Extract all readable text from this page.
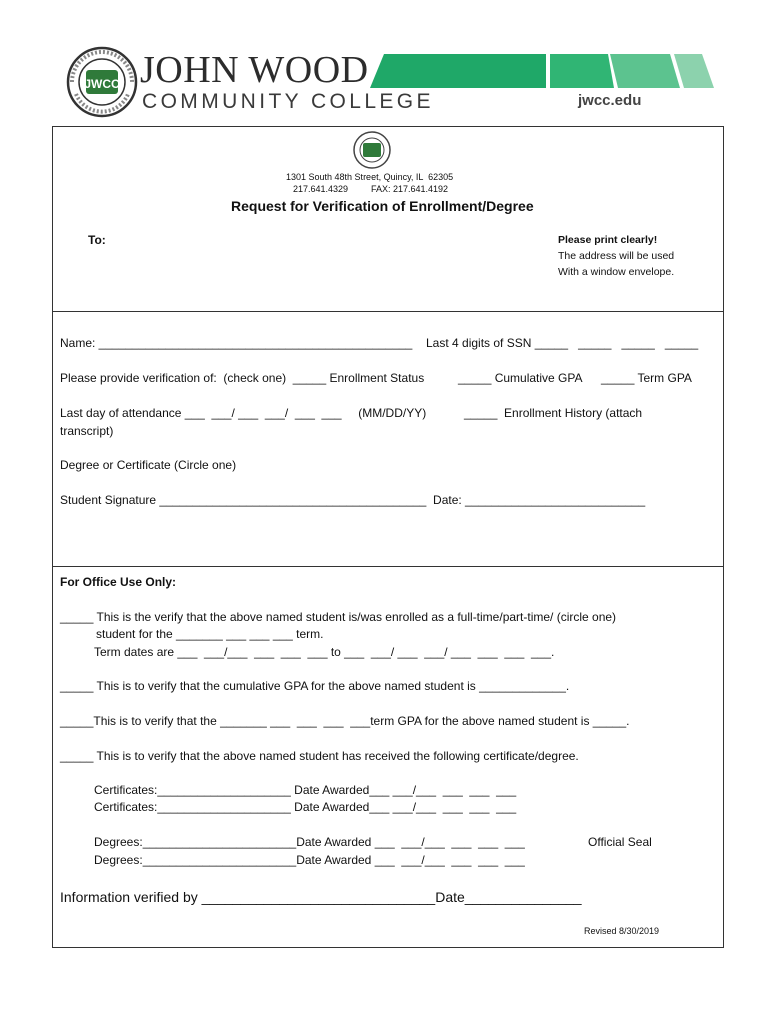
JWCC JOHN WOOD
COMMUNITY COLLEGE	jwcc.edu
1301 South 48th Street, Quincy, IL  62305
217.641.4329	FAX: 217.641.4192
Request for Verification of Enrollment/Degree
To:	Please print clearly!
The address will be used
With a window envelope.
Name: _______________________________________________ Last 4 digits of SSN _____   _____   _____   _____
Please provide verification of:  (check one)  _____ Enrollment Status	_____ Cumulative GPA _____ Term GPA
Last day of attendance ___  ___/ ___  ___/  ___  ___     (MM/DD/YY)	_____  Enrollment History (attach
transcript)
Degree or Certificate (Circle one)
Student Signature ________________________________________  Date: ___________________________
For Office Use Only:
_____ This is the verify that the above named student is/was enrolled as a full-time/part-time/ (circle one)
student for the _______ ___ ___ ___ term.
Term dates are ___  ___/___  ___  ___  ___ to ___  ___/ ___  ___/ ___  ___  ___  ___.
_____ This is to verify that the cumulative GPA for the above named student is _____________.
_____This is to verify that the _______ ___  ___  ___  ___term GPA for the above named student is _____.
_____ This is to verify that the above named student has received the following certificate/degree.
Certificates:____________________ Date Awarded___ ___/___  ___  ___  ___
Certificates:____________________ Date Awarded___ ___/___  ___  ___  ___
Degrees:_______________________Date Awarded ___  ___/___  ___  ___  ___
Degrees:_______________________Date Awarded ___  ___/___  ___  ___  ___
Official Seal
Information verified by ______________________________Date_______________
Revised 8/30/2019
